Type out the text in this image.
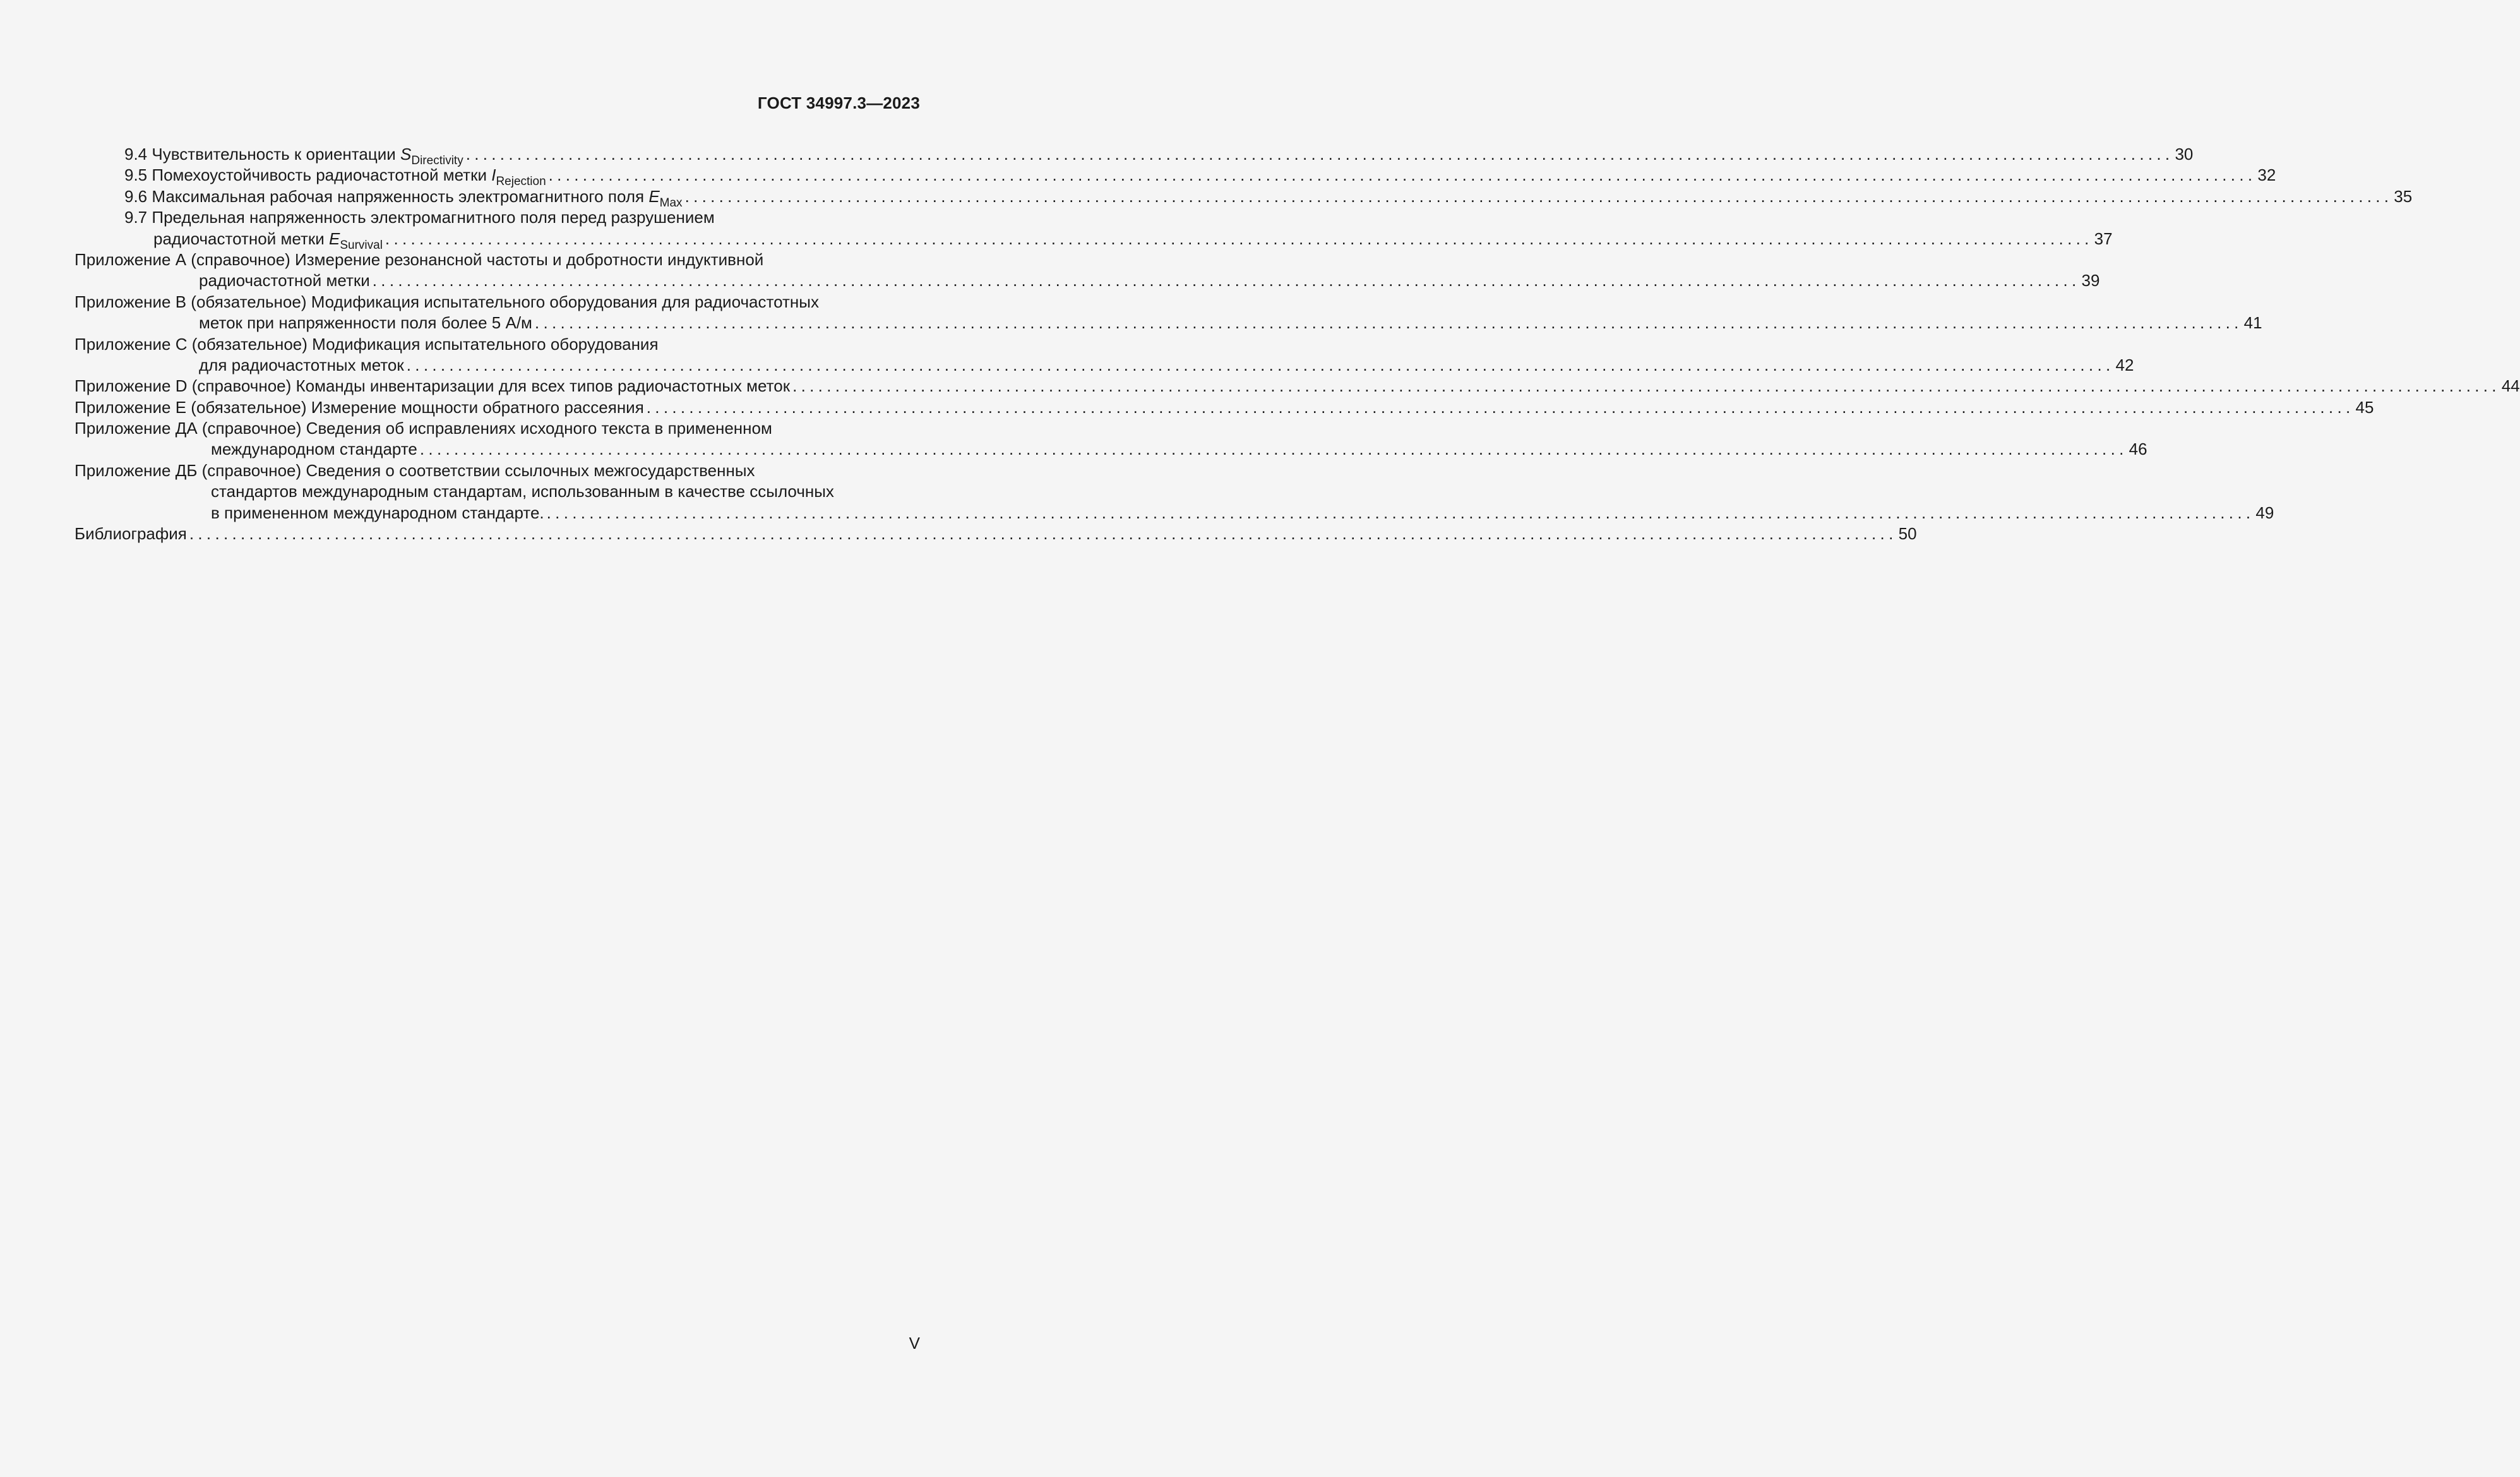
ГОСТ 34997.3—2023
9.4 Чувствительность к ориентации $S_{Directivity}$ ........................................................................................................................................................................................................ 30
9.5 Помехоустойчивость радиочастотной метки $I_{Rejection}$ ........................................................................................................................................................................................................ 32
9.6 Максимальная рабочая напряженность электромагнитного поля $E_{Max}$ ........................................................................................................................................................................................................ 35
9.7 Предельная напряженность электромагнитного поля перед разрушением
радиочастотной метки $E_{Survival}$ ........................................................................................................................................................................................................ 37
Приложение А (справочное) Измерение резонансной частоты и добротности индуктивной
радиочастотной метки ........................................................................................................................................................................................................ 39
Приложение В (обязательное) Модификация испытательного оборудования для радиочастотных
меток при напряженности поля более 5 А/м ........................................................................................................................................................................................................ 41
Приложение С (обязательное) Модификация испытательного оборудования
для радиочастотных меток ........................................................................................................................................................................................................ 42
Приложение D (справочное) Команды инвентаризации для всех типов радиочастотных меток ........................................................................................................................................................................................................ 44
Приложение Е (обязательное) Измерение мощности обратного рассеяния ........................................................................................................................................................................................................ 45
Приложение ДА (справочное) Сведения об исправлениях исходного текста в примененном
международном стандарте ........................................................................................................................................................................................................ 46
Приложение ДБ (справочное) Сведения о соответствии ссылочных межгосударственных
стандартов международным стандартам, использованным в качестве ссылочных
в примененном международном стандарте. ........................................................................................................................................................................................................ 49
Библиография ........................................................................................................................................................................................................ 50
V
